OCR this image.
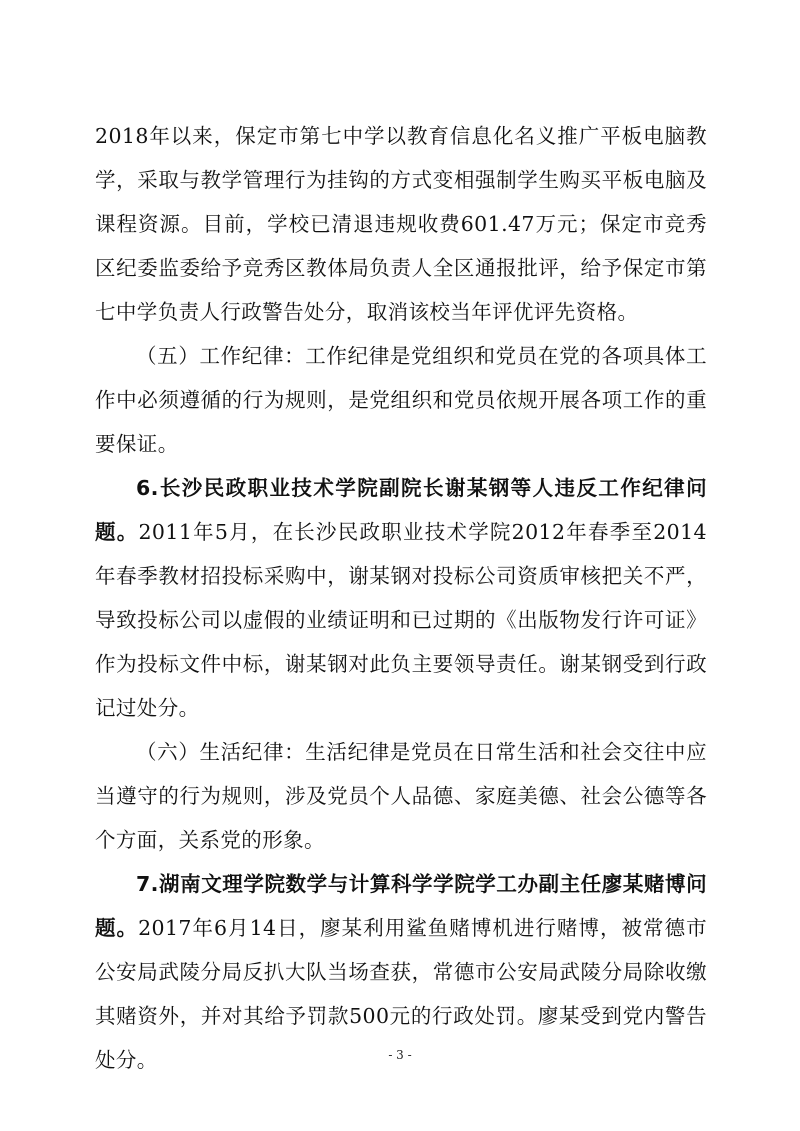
2018年以来，保定市第七中学以教育信息化名义推广平板电脑教学，采取与教学管理行为挂钩的方式变相强制学生购买平板电脑及课程资源。目前，学校已清退违规收费601.47万元；保定市竞秀区纪委监委给予竞秀区教体局负责人全区通报批评，给予保定市第七中学负责人行政警告处分，取消该校当年评优评先资格。

（五）工作纪律：工作纪律是党组织和党员在党的各项具体工作中必须遵循的行为规则，是党组织和党员依规开展各项工作的重要保证。

6.长沙民政职业技术学院副院长谢某钢等人违反工作纪律问题。2011年5月，在长沙民政职业技术学院2012年春季至2014年春季教材招投标采购中，谢某钢对投标公司资质审核把关不严，导致投标公司以虚假的业绩证明和已过期的《出版物发行许可证》作为投标文件中标，谢某钢对此负主要领导责任。谢某钢受到行政记过处分。

（六）生活纪律：生活纪律是党员在日常生活和社会交往中应当遵守的行为规则，涉及党员个人品德、家庭美德、社会公德等各个方面，关系党的形象。

7.湖南文理学院数学与计算科学学院学工办副主任廖某赌博问题。2017年6月14日，廖某利用鲨鱼赌博机进行赌博，被常德市公安局武陵分局反扒大队当场查获，常德市公安局武陵分局除收缴其赌资外，并对其给予罚款500元的行政处罚。廖某受到党内警告处分。	- 3 -
